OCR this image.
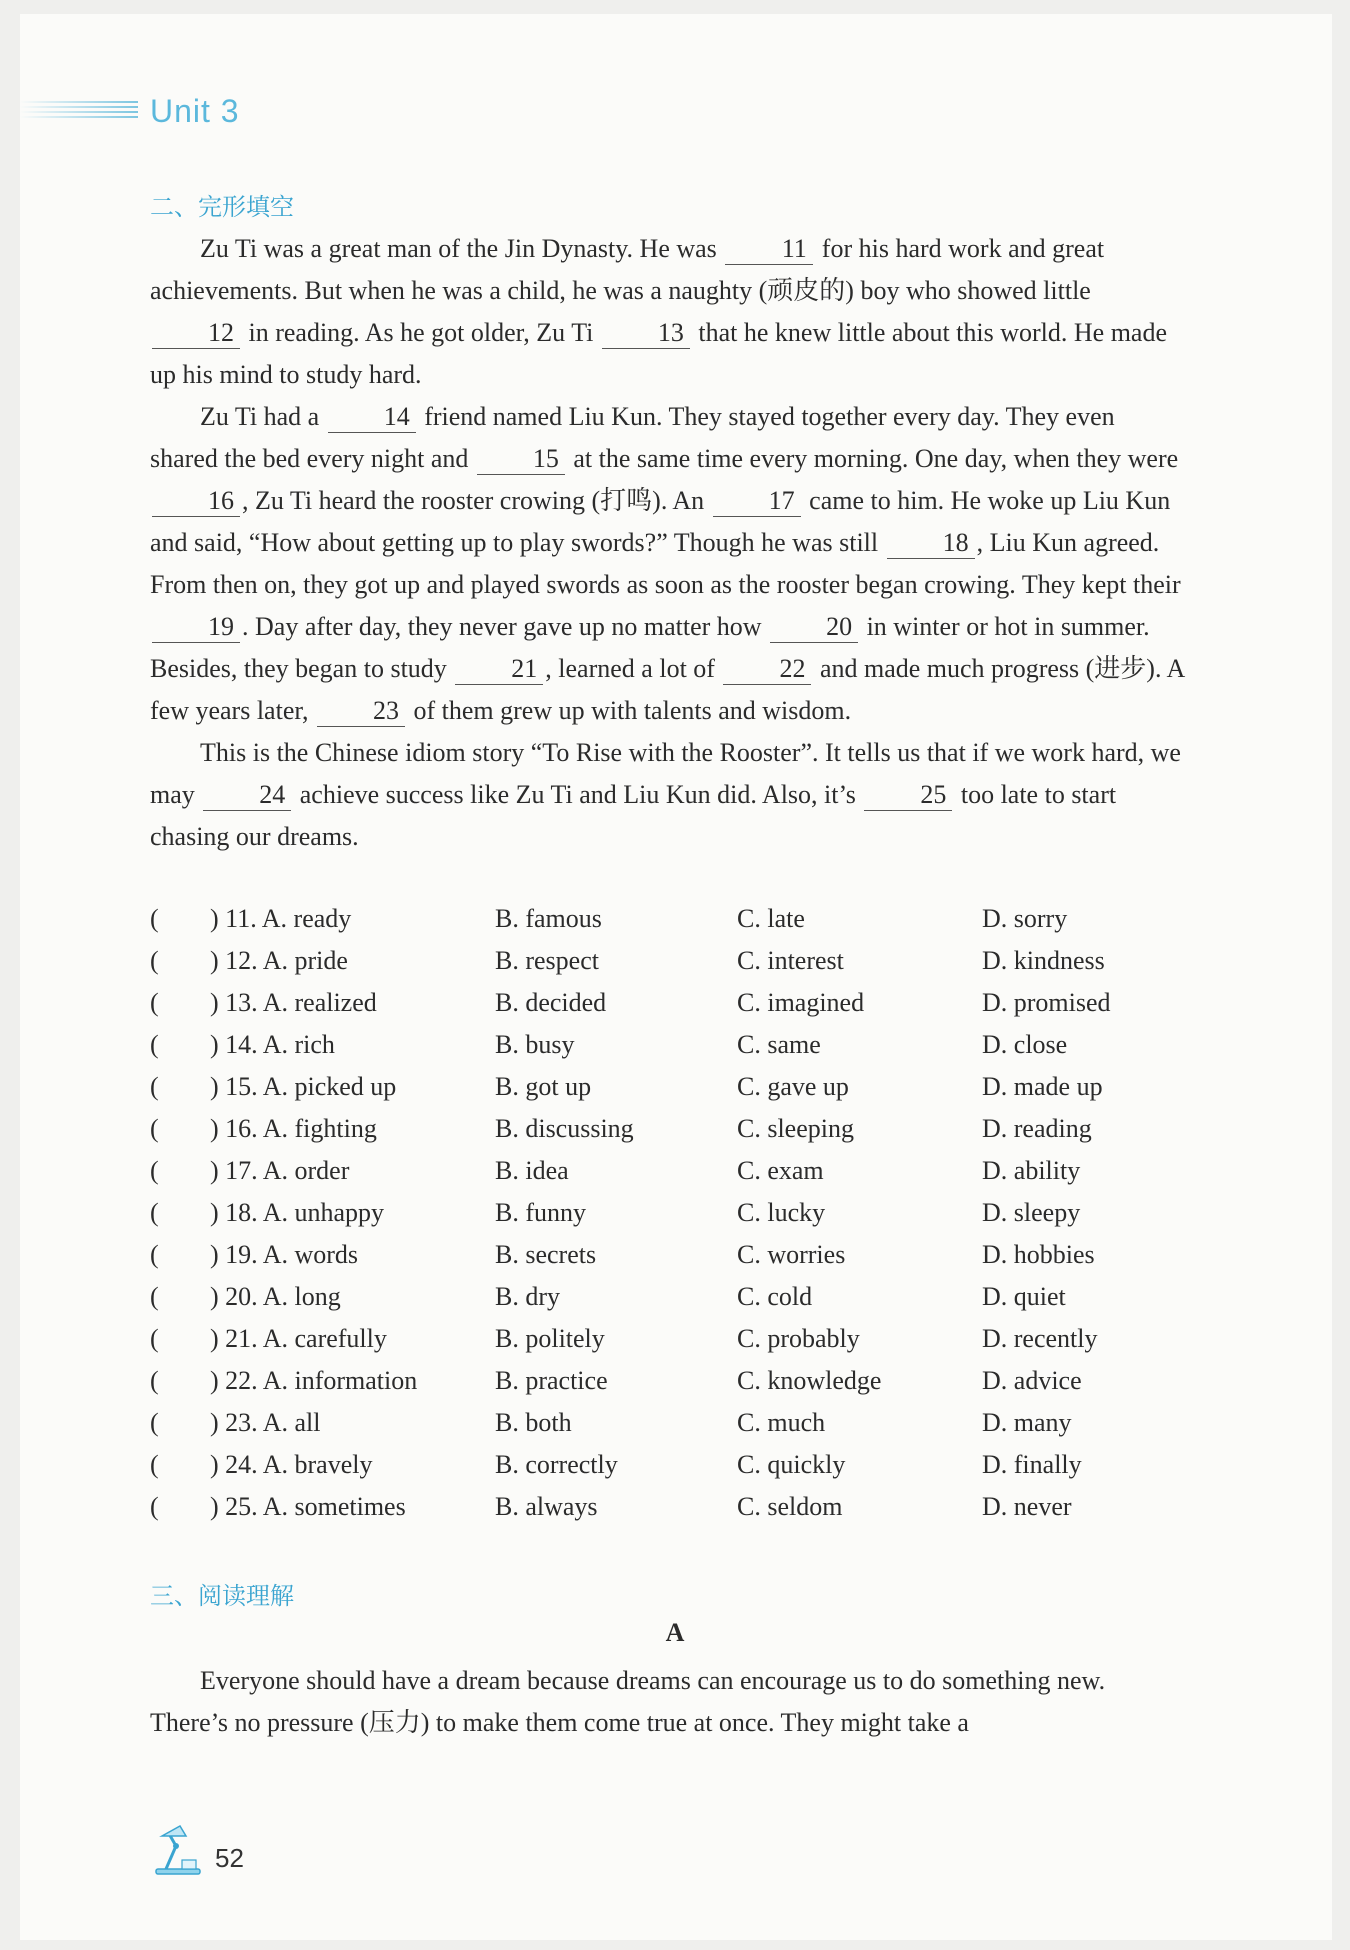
Unit 3
二、完形填空

Zu Ti was a great man of the Jin Dynasty. He was 11 for his hard work and great achievements. But when he was a child, he was a naughty (顽皮的) boy who showed little 12 in reading. As he got older, Zu Ti 13 that he knew little about this world. He made up his mind to study hard.

Zu Ti had a 14 friend named Liu Kun. They stayed together every day. They even shared the bed every night and 15 at the same time every morning. One day, when they were 16 , Zu Ti heard the rooster crowing (打鸣). An 17 came to him. He woke up Liu Kun and said, “How about getting up to play swords?” Though he was still 18 , Liu Kun agreed. From then on, they got up and played swords as soon as the rooster began crowing. They kept their 19 . Day after day, they never gave up no matter how 20 in winter or hot in summer. Besides, they began to study 21 , learned a lot of 22 and made much progress (进步). A few years later, 23 of them grew up with talents and wisdom.

This is the Chinese idiom story “To Rise with the Rooster”. It tells us that if we work hard, we may 24 achieve success like Zu Ti and Liu Kun did. Also, it’s 25 too late to start chasing our dreams.

( ) 11. A. ready	B. famous	C. late	D. sorry
( ) 12. A. pride	B. respect	C. interest	D. kindness
( ) 13. A. realized	B. decided	C. imagined	D. promised
( ) 14. A. rich	B. busy	C. same	D. close
( ) 15. A. picked up	B. got up	C. gave up	D. made up
( ) 16. A. fighting	B. discussing	C. sleeping	D. reading
( ) 17. A. order	B. idea	C. exam	D. ability
( ) 18. A. unhappy	B. funny	C. lucky	D. sleepy
( ) 19. A. words	B. secrets	C. worries	D. hobbies
( ) 20. A. long	B. dry	C. cold	D. quiet
( ) 21. A. carefully	B. politely	C. probably	D. recently
( ) 22. A. information	B. practice	C. knowledge	D. advice
( ) 23. A. all	B. both	C. much	D. many
( ) 24. A. bravely	B. correctly	C. quickly	D. finally
( ) 25. A. sometimes	B. always	C. seldom	D. never
三、阅读理解
A

Everyone should have a dream because dreams can encourage us to do something new. There’s no pressure (压力) to make them come true at once. They might take a

52
